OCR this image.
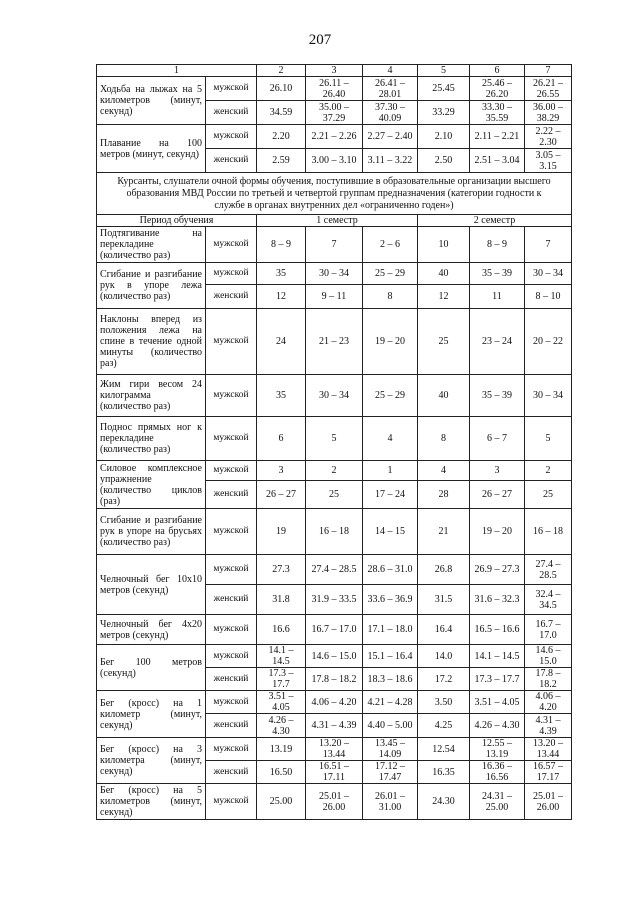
207
1		2	3	4	5	6	7
Ходьба на лыжах на 5 километров (минут, секунд)	мужской	26.10	26.11 – 26.40	26.41 – 28.01	25.45	25.46 – 26.20	26.21 – 26.55
	женский	34.59	35.00 – 37.29	37.30 – 40.09	33.29	33.30 – 35.59	36.00 – 38.29
Плавание на 100 метров (минут, секунд)	мужской	2.20	2.21 – 2.26	2.27 – 2.40	2.10	2.11 – 2.21	2.22 – 2.30
	женский	2.59	3.00 – 3.10	3.11 – 3.22	2.50	2.51 – 3.04	3.05 – 3.15
Курсанты, слушатели очной формы обучения, поступившие в образовательные организации высшего образования МВД России по третьей и четвертой группам предназначения (категории годности к службе в органах внутренних дел «ограниченно годен»)							
Период обучения		1 семестр			2 семестр		
Подтягивание на перекладине (количество раз)	мужской	8 – 9	7	2 – 6	10	8 – 9	7
Сгибание и разгибание рук в упоре лежа (количество раз)	мужской	35	30 – 34	25 – 29	40	35 – 39	30 – 34
	женский	12	9 – 11	8	12	11	8 – 10
Наклоны вперед из положения лежа на спине в течение одной минуты (количество раз)	мужской	24	21 – 23	19 – 20	25	23 – 24	20 – 22
Жим гири весом 24 килограмма (количество раз)	мужской	35	30 – 34	25 – 29	40	35 – 39	30 – 34
Поднос прямых ног к перекладине (количество раз)	мужской	6	5	4	8	6 – 7	5
Силовое комплексное упражнение (количество циклов (раз)	мужской	3	2	1	4	3	2
	женский	26 – 27	25	17 – 24	28	26 – 27	25
Сгибание и разгибание рук в упоре на брусьях (количество раз)	мужской	19	16 – 18	14 – 15	21	19 – 20	16 – 18
Челночный бег 10x10 метров (секунд)	мужской	27.3	27.4 – 28.5	28.6 – 31.0	26.8	26.9 – 27.3	27.4 – 28.5
	женский	31.8	31.9 – 33.5	33.6 – 36.9	31.5	31.6 – 32.3	32.4 – 34.5
Челночный бег 4x20 метров (секунд)	мужской	16.6	16.7 – 17.0	17.1 – 18.0	16.4	16.5 – 16.6	16.7 – 17.0
Бег 100 метров (секунд)	мужской	14.1 – 14.5	14.6 – 15.0	15.1 – 16.4	14.0	14.1 – 14.5	14.6 – 15.0
	женский	17.3 – 17.7	17.8 – 18.2	18.3 – 18.6	17.2	17.3 – 17.7	17.8 – 18.2
Бег (кросс) на 1 километр (минут, секунд)	мужской	3.51 – 4.05	4.06 – 4.20	4.21 – 4.28	3.50	3.51 – 4.05	4.06 – 4.20
	женский	4.26 – 4.30	4.31 – 4.39	4.40 – 5.00	4.25	4.26 – 4.30	4.31 – 4.39
Бег (кросс) на 3 километра (минут, секунд)	мужской	13.19	13.20 – 13.44	13.45 – 14.09	12.54	12.55 – 13.19	13.20 – 13.44
	женский	16.50	16.51 – 17.11	17.12 – 17.47	16.35	16.36 – 16.56	16.57 – 17.17
Бег (кросс) на 5 километров (минут, секунд)	мужской	25.00	25.01 – 26.00	26.01 – 31.00	24.30	24.31 – 25.00	25.01 – 26.00
